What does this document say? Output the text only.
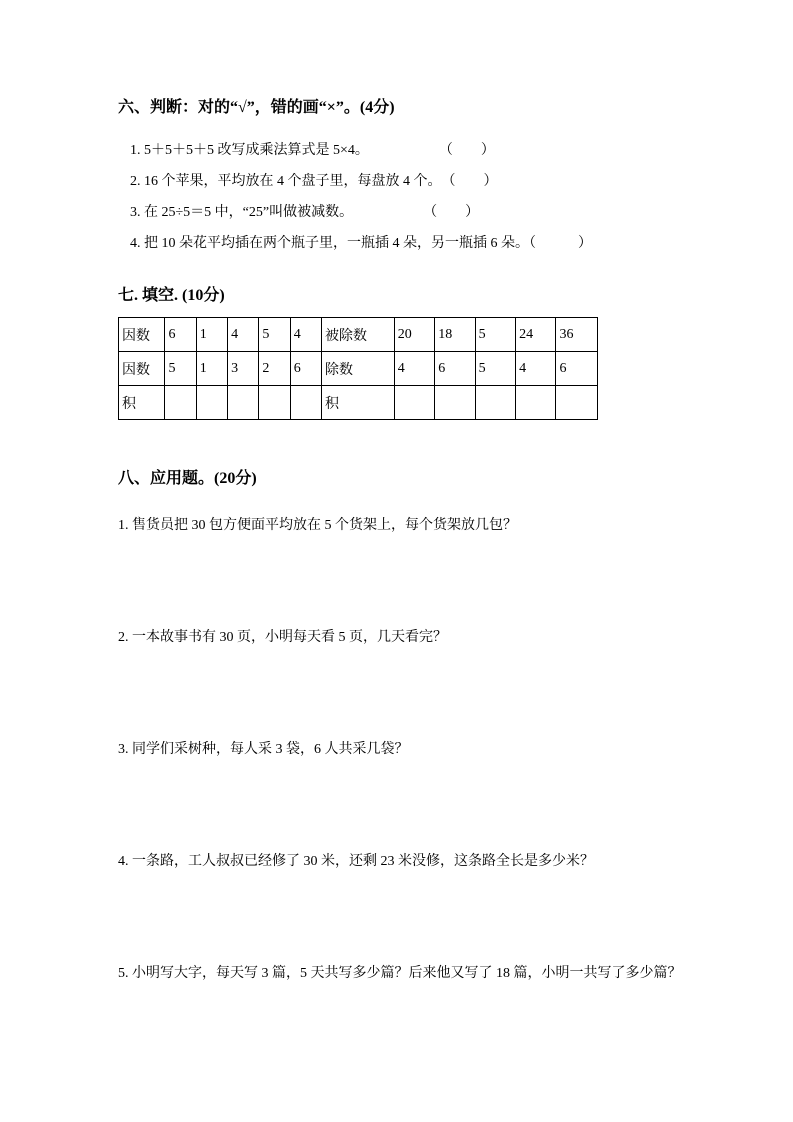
六、判断：对的“√”，错的画“×”。(4分)

1. 5＋5＋5＋5 改写成乘法算式是 5×4。　　　　　　（　　）

2. 16 个苹果，平均放在 4 个盘子里，每盘放 4 个。　（　　）

3. 在 25÷5＝5 中，“25”叫做被减数。　　　　　　（　　）

4. 把 10 朵花平均插在两个瓶子里，一瓶插 4 朵，另一瓶插 6 朵。（　　　）

七. 填空. (10分)
因数	6	1	4	5	4	被除数	20	18	5	24	36
因数	5	1	3	2	6	除数	4	6	5	4	6
积						积					
八、应用题。(20分)

1. 售货员把 30 包方便面平均放在 5 个货架上，每个货架放几包？

2. 一本故事书有 30 页，小明每天看 5 页，几天看完？

3. 同学们采树种，每人采 3 袋，6 人共采几袋？

4. 一条路，工人叔叔已经修了 30 米，还剩 23 米没修，这条路全长是多少米？

5. 小明写大字，每天写 3 篇，5 天共写多少篇？后来他又写了 18 篇，小明一共写了多少篇？
